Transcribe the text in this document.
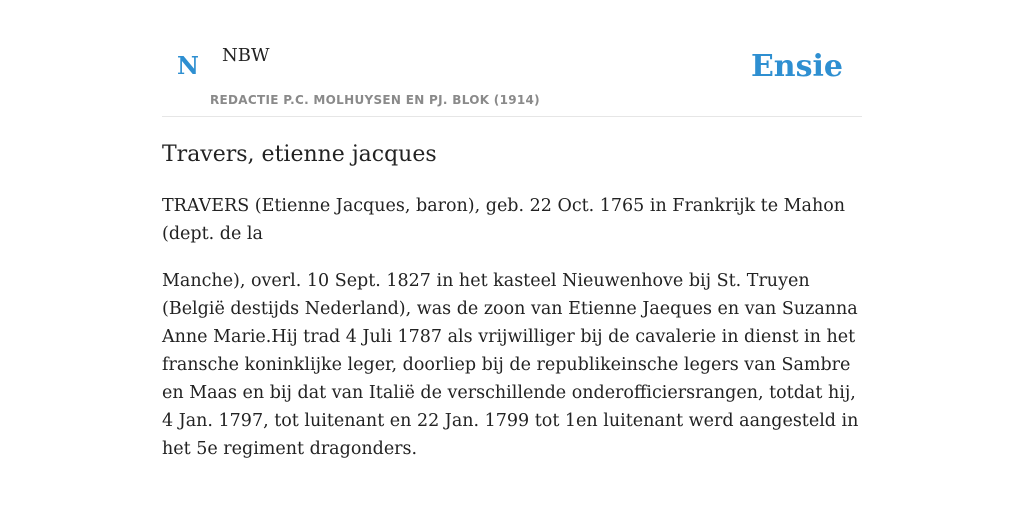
N NBW
REDACTIE P.C. MOLHUYSEN EN PJ. BLOK (1914)
Ensie
Travers, etienne jacques

TRAVERS (Etienne Jacques, baron), geb. 22 Oct. 1765 in Frankrijk te Mahon (dept. de la

Manche), overl. 10 Sept. 1827 in het kasteel Nieuwenhove bij St. Truyen (België destijds Nederland), was de zoon van Etienne Jaeques en van Suzanna Anne Marie.Hij trad 4 Juli 1787 als vrijwilliger bij de cavalerie in dienst in het fransche koninklijke leger, doorliep bij de republikeinsche legers van Sambre en Maas en bij dat van Italië de verschillende onderofficiersrangen, totdat hij, 4 Jan. 1797, tot luitenant en 22 Jan. 1799 tot 1en luitenant werd aangesteld in het 5e regiment dragonders.
